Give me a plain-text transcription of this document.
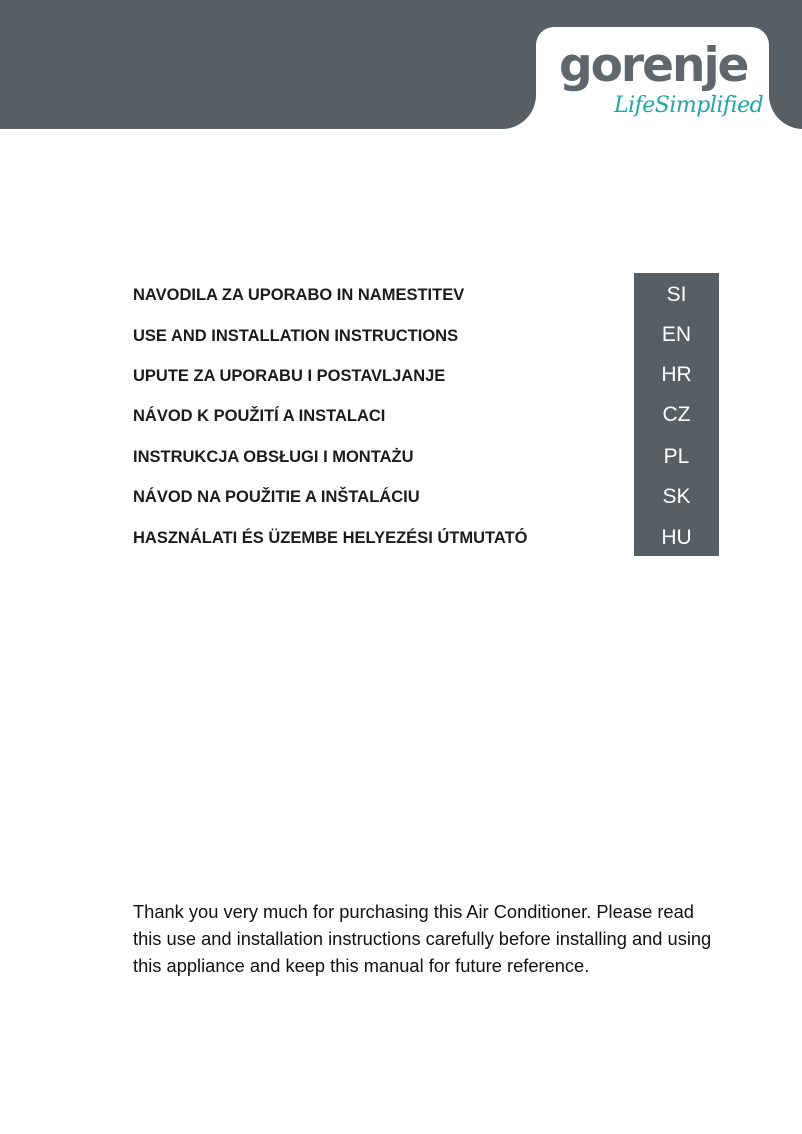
gorenje
LifeSimplified
NAVODILA ZA UPORABO IN NAMESTITEV	SI
USE AND INSTALLATION INSTRUCTIONS	EN
UPUTE ZA UPORABU I POSTAVLJANJE	HR
NÁVOD K POUŽITÍ A INSTALACI	CZ
INSTRUKCJA OBSŁUGI I MONTAŻU	PL
NÁVOD NA POUŽITIE A INŠTALÁCIU	SK
HASZNÁLATI ÉS ÜZEMBE HELYEZÉSI ÚTMUTATÓ	HU

Thank you very much for purchasing this Air Conditioner. Please read this use and installation instructions carefully before installing and using this appliance and keep this manual for future reference.
